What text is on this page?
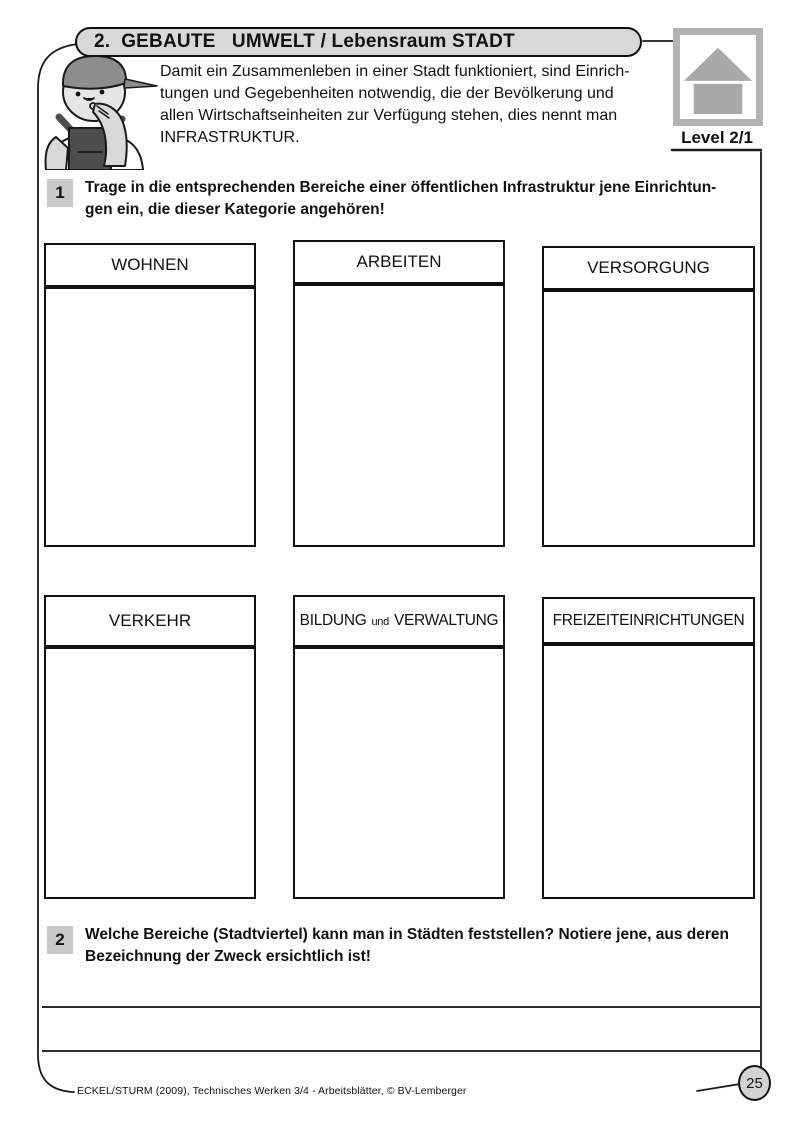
2.  GEBAUTE   UMWELT / Lebensraum STADT
Damit ein Zusammenleben in einer Stadt funktioniert, sind Einrich-
tungen und Gegebenheiten notwendig, die der Bevölkerung und
allen Wirtschaftseinheiten zur Verfügung stehen, dies nennt man
INFRASTRUKTUR.	Level 2/1
1	Trage in die entsprechenden Bereiche einer öffentlichen Infrastruktur jene Einrichtun-
gen ein, die dieser Kategorie angehören!
WOHNEN	ARBEITEN	VERSORGUNG
VERKEHR	BILDUNG und VERWALTUNG	FREIZEITEINRICHTUNGEN
2	Welche Bereiche (Stadtviertel) kann man in Städten feststellen? Notiere jene, aus deren
Bezeichnung der Zweck ersichtlich ist!
ECKEL/STURM (2009), Technisches Werken 3/4 - Arbeitsblätter, © BV-Lemberger	25
